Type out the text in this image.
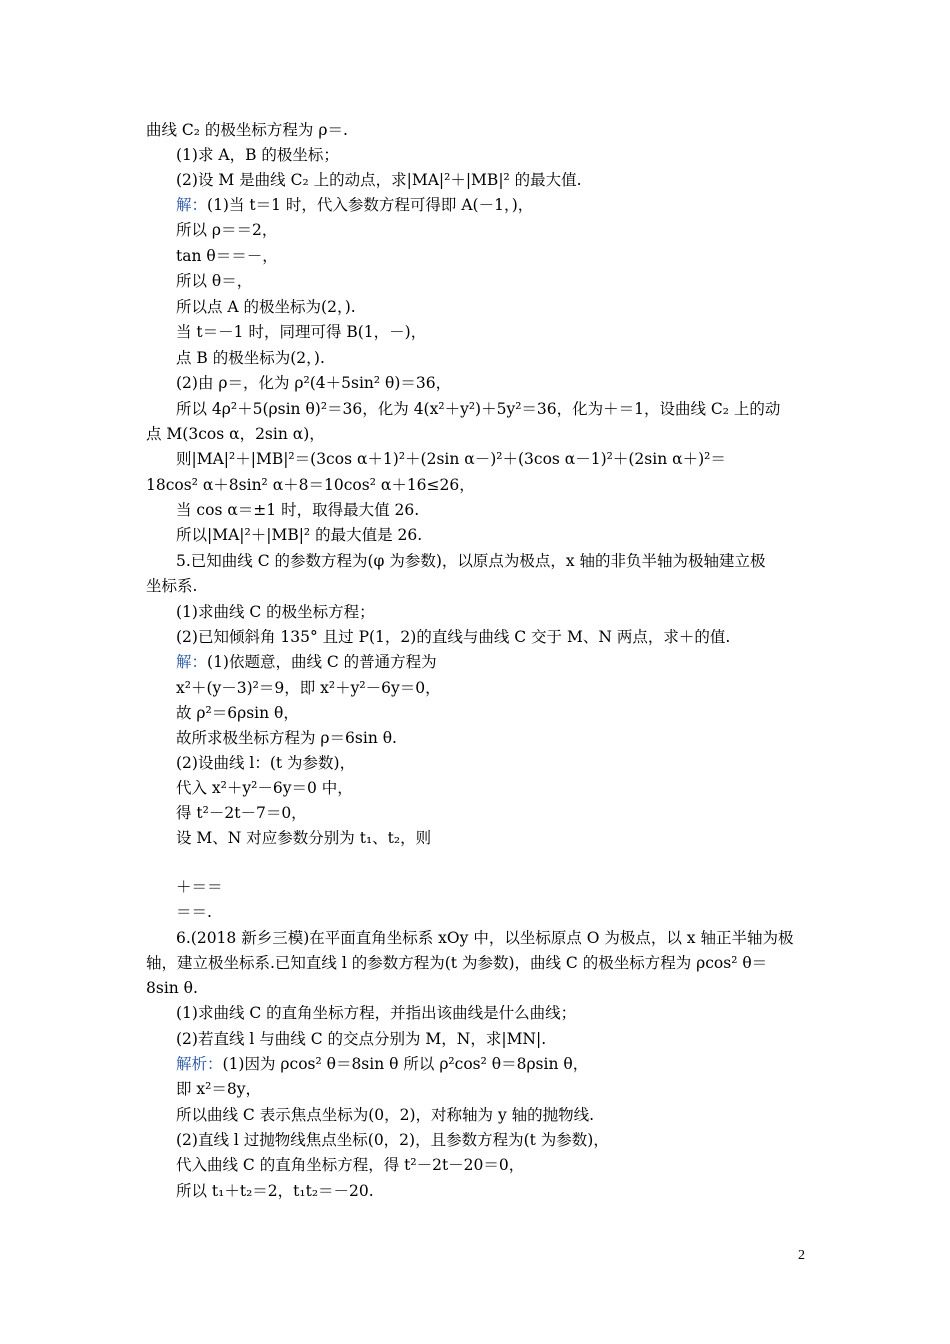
曲线 C₂ 的极坐标方程为 ρ＝.
(1)求 A，B 的极坐标；
(2)设 M 是曲线 C₂ 上的动点，求|MA|²＋|MB|² 的最大值.
解：(1)当 t＝1 时，代入参数方程可得即 A(－1，)，
所以 ρ＝＝2，
tan θ＝＝－，
所以 θ＝，
所以点 A 的极坐标为(2，).
当 t＝－1 时，同理可得 B(1，－)，
点 B 的极坐标为(2，).
(2)由 ρ＝，化为 ρ²(4＋5sin² θ)＝36，
所以 4ρ²＋5(ρsin θ)²＝36，化为 4(x²＋y²)＋5y²＝36，化为＋＝1，设曲线 C₂ 上的动
点 M(3cos α，2sin α)，
则|MA|²＋|MB|²＝(3cos α＋1)²＋(2sin α－)²＋(3cos α－1)²＋(2sin α＋)²＝
18cos² α＋8sin² α＋8＝10cos² α＋16≤26，
当 cos α＝±1 时，取得最大值 26.
所以|MA|²＋|MB|² 的最大值是 26.
5.已知曲线 C 的参数方程为(φ 为参数)，以原点为极点，x 轴的非负半轴为极轴建立极
坐标系.
(1)求曲线 C 的极坐标方程；
(2)已知倾斜角 135° 且过 P(1，2)的直线与曲线 C 交于 M、N 两点，求＋的值.
解：(1)依题意，曲线 C 的普通方程为
x²＋(y－3)²＝9，即 x²＋y²－6y＝0，
故 ρ²＝6ρsin θ，
故所求极坐标方程为 ρ＝6sin θ.
(2)设曲线 l：(t 为参数)，
代入 x²＋y²－6y＝0 中，
得 t²－2t－7＝0，
设 M、N 对应参数分别为 t₁、t₂，则
＋＝＝
＝＝.
6.(2018 新乡三模)在平面直角坐标系 xOy 中，以坐标原点 O 为极点，以 x 轴正半轴为极
轴，建立极坐标系.已知直线 l 的参数方程为(t 为参数)，曲线 C 的极坐标方程为 ρcos² θ＝
8sin θ.
(1)求曲线 C 的直角坐标方程，并指出该曲线是什么曲线；
(2)若直线 l 与曲线 C 的交点分别为 M，N，求|MN|.
解析：(1)因为 ρcos² θ＝8sin θ 所以 ρ²cos² θ＝8ρsin θ，
即 x²＝8y，
所以曲线 C 表示焦点坐标为(0，2)，对称轴为 y 轴的抛物线.
(2)直线 l 过抛物线焦点坐标(0，2)，且参数方程为(t 为参数)，
代入曲线 C 的直角坐标方程，得 t²－2t－20＝0，
所以 t₁＋t₂＝2，t₁t₂＝－20.
2
